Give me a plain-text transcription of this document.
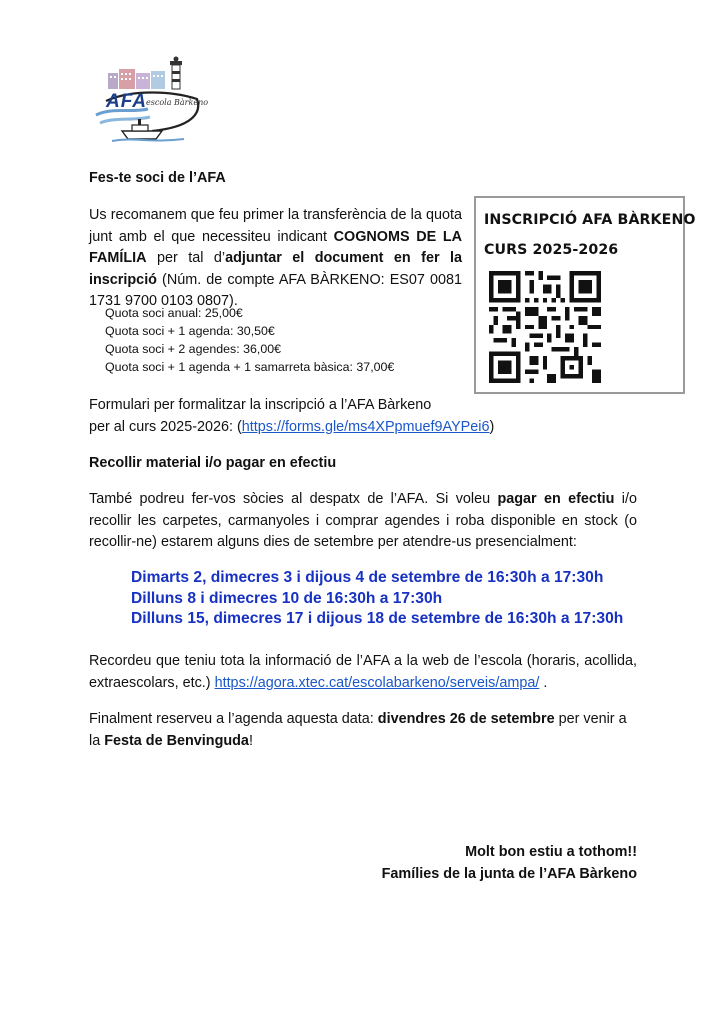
AFA escola Bàrkeno
Fes-te soci de l’AFA

Us recomanem que feu primer la transferència de la quota junt amb el que necessiteu indicant COGNOMS DE LA FAMÍLIA per tal d’adjuntar el document en fer la inscripció (Núm. de compte AFA BÀRKENO: ES07 0081 1731 9700 0103 0807).

Quota soci anual: 25,00€
Quota soci + 1 agenda: 30,50€
Quota soci + 2 agendes: 36,00€
Quota soci + 1 agenda + 1 samarreta bàsica: 37,00€
INSCRIPCIÓ AFA BÀRKENO
CURS 2025-2026
Formulari per formalitzar la inscripció a l’AFA Bàrkeno
per al curs 2025-2026: (https://forms.gle/ms4XPpmuef9AYPei6)
Recollir material i/o pagar en efectiu

També podreu fer-vos sòcies al despatx de l’AFA. Si voleu pagar en efectiu i/o recollir les carpetes, carmanyoles i comprar agendes i roba disponible en stock (o recollir-ne) estarem alguns dies de setembre per atendre-us presencialment:

Dimarts 2, dimecres 3 i dijous 4 de setembre de 16:30h a 17:30h
Dilluns 8 i dimecres 10 de 16:30h a 17:30h
Dilluns 15, dimecres 17 i dijous 18 de setembre de 16:30h a 17:30h

Recordeu que teniu tota la informació de l’AFA a la web de l’escola (horaris, acollida, extraescolars, etc.) https://agora.xtec.cat/escolabarkeno/serveis/ampa/ .

Finalment reserveu a l’agenda aquesta data: divendres 26 de setembre per venir a la Festa de Benvinguda!

Molt bon estiu a tothom!!
Famílies de la junta de l’AFA Bàrkeno
